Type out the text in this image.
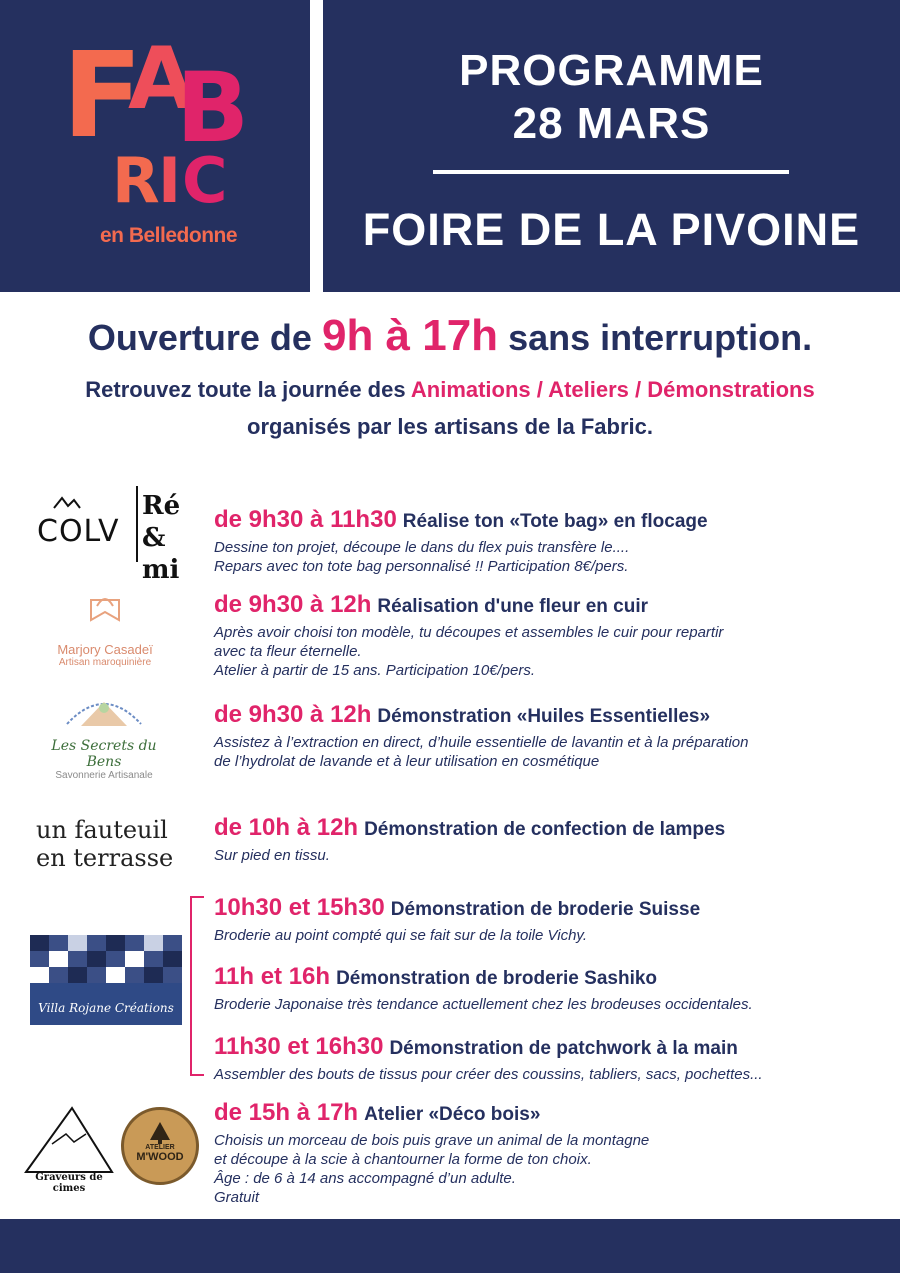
F
A
B
R
I C
en Belledonne
PROGRAMME
28 MARS
FOIRE DE LA PIVOINE
Ouverture de 9h à 17h sans interruption.
Retrouvez toute la journée des Animations / Ateliers / Démonstrations
organisés par les artisans de la Fabric.
COLV
Ré&mi
Marjory Casadeï
Artisan maroquinière
Les Secrets du Bens
Savonnerie Artisanale
un fauteuil en terrasse
Villa Rojane Créations
Graveurs de cimes
ATELIER
M'WOOD
de 9h30 à 11h30 Réalise ton «Tote bag» en flocage
Dessine ton projet, découpe le dans du flex puis transfère le....
Repars avec ton tote bag personnalisé !! Participation 8€/pers.
de 9h30 à 12h Réalisation d'une fleur en cuir
Après avoir choisi ton modèle, tu découpes et assembles le cuir pour repartir
avec ta fleur éternelle.
Atelier à partir de 15 ans. Participation 10€/pers.
de 9h30 à 12h Démonstration «Huiles Essentielles»
Assistez à l’extraction en direct, d’huile essentielle de lavantin et à la préparation
de l’hydrolat de lavande et à leur utilisation en cosmétique
de 10h à 12h Démonstration de confection de lampes
Sur pied en tissu.
10h30 et 15h30 Démonstration de broderie Suisse
Broderie au point compté qui se fait sur de la toile Vichy.
11h et 16h Démonstration de broderie Sashiko
Broderie Japonaise très tendance actuellement chez les brodeuses occidentales.
11h30 et 16h30 Démonstration de patchwork à la main
Assembler des bouts de tissus pour créer des coussins, tabliers, sacs, pochettes...
de 15h à 17h Atelier «Déco bois»
Choisis un morceau de bois puis grave un animal de la montagne
et découpe à la scie à chantourner la forme de ton choix.
Âge : de 6 à 14 ans accompagné d’un adulte.
Gratuit
